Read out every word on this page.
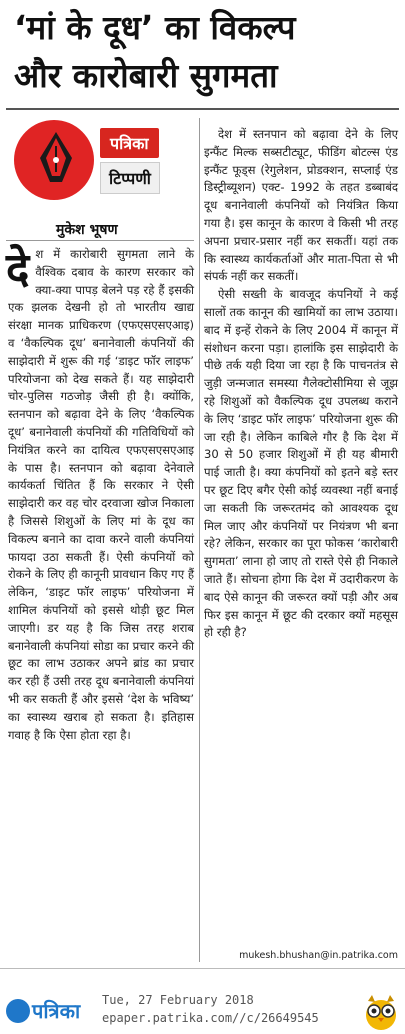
‘मां के दूध’ का विकल्प
और कारोबारी सुगमता
पत्रिका
टिप्पणी
मुकेश भूषण

देश में कारोबारी सुगमता लाने के वैश्विक दबाव के कारण सरकार को क्या-क्या पापड़ बेलने पड़ रहे हैं इसकी एक झलक देखनी हो तो भारतीय खाद्य संरक्षा मानक प्राधिकरण (एफएसएसएआइ) व ‘वैकल्पिक दूध’ बनानेवाली कंपनियों की साझेदारी में शुरू की गई ‘डाइट फॉर लाइफ’ परियोजना को देख सकते हैं। यह साझेदारी चोर-पुलिस गठजोड़ जैसी ही है। क्योंकि, स्तनपान को बढ़ावा देने के लिए ‘वैकल्पिक दूध’ बनानेवाली कंपनियों की गतिविधियों को नियंत्रित करने का दायित्व एफएसएसएआइ के पास है। स्तनपान को बढ़ावा देनेवाले कार्यकर्ता चिंतित हैं कि सरकार ने ऐसी साझेदारी कर वह चोर दरवाजा खोज निकाला है जिससे शिशुओं के लिए मां के दूध का विकल्प बनाने का दावा करने वाली कंपनियां फायदा उठा सकती हैं। ऐसी कंपनियों को रोकने के लिए ही कानूनी प्रावधान किए गए हैं लेकिन, ‘डाइट फॉर लाइफ’ परियोजना में शामिल कंपनियों को इससे थोड़ी छूट मिल जाएगी। डर यह है कि जिस तरह शराब बनानेवाली कंपनियां सोडा का प्रचार करने की छूट का लाभ उठाकर अपने ब्रांड का प्रचार कर रही हैं उसी तरह दूध बनानेवाली कंपनियां भी कर सकती हैं और इससे ‘देश के भविष्य’ का स्वास्थ्य खराब हो सकता है। इतिहास गवाह है कि ऐसा होता रहा है।

देश में स्तनपान को बढ़ावा देने के लिए इन्फैंट मिल्क सब्सटीट्यूट, फीडिंग बोटल्स एंड इन्फैंट फूड्स (रेगुलेशन, प्रोडक्शन, सप्लाई एंड डिस्ट्रीब्यूशन) एक्ट- 1992 के तहत डब्बाबंद दूध बनानेवाली कंपनियों को नियंत्रित किया गया है। इस कानून के कारण वे किसी भी तरह अपना प्रचार-प्रसार नहीं कर सकतीं। यहां तक कि स्वास्थ्य कार्यकर्ताओं और माता-पिता से भी संपर्क नहीं कर सकतीं।

ऐसी सख्ती के बावजूद कंपनियों ने कई सालों तक कानून की खामियों का लाभ उठाया। बाद में इन्हें रोकने के लिए 2004 में कानून में संशोधन करना पड़ा। हालांकि इस साझेदारी के पीछे तर्क यही दिया जा रहा है कि पाचनतंत्र से जुड़ी जन्मजात समस्या गैलेक्टोसीमिया से जूझ रहे शिशुओं को वैकल्पिक दूध उपलब्ध कराने के लिए ‘डाइट फॉर लाइफ’ परियोजना शुरू की जा रही है। लेकिन काबिले गौर है कि देश में 30 से 50 हजार शिशुओं में ही यह बीमारी पाई जाती है। क्या कंपनियों को इतने बड़े स्तर पर छूट दिए बगैर ऐसी कोई व्यवस्था नहीं बनाई जा सकती कि जरूरतमंद को आवश्यक दूध मिल जाए और कंपनियों पर नियंत्रण भी बना रहे? लेकिन, सरकार का पूरा फोकस ‘कारोबारी सुगमता’ लाना हो जाए तो रास्ते ऐसे ही निकाले जाते हैं। सोचना होगा कि देश में उदारीकरण के बाद ऐसे कानून की जरूरत क्यों पड़ी और अब फिर इस कानून में छूट की दरकार क्यों महसूस हो रही है?

mukesh.bhushan@in.patrika.com
पत्रिका Tue, 27 February 2018
epaper.patrika.com//c/26649545
